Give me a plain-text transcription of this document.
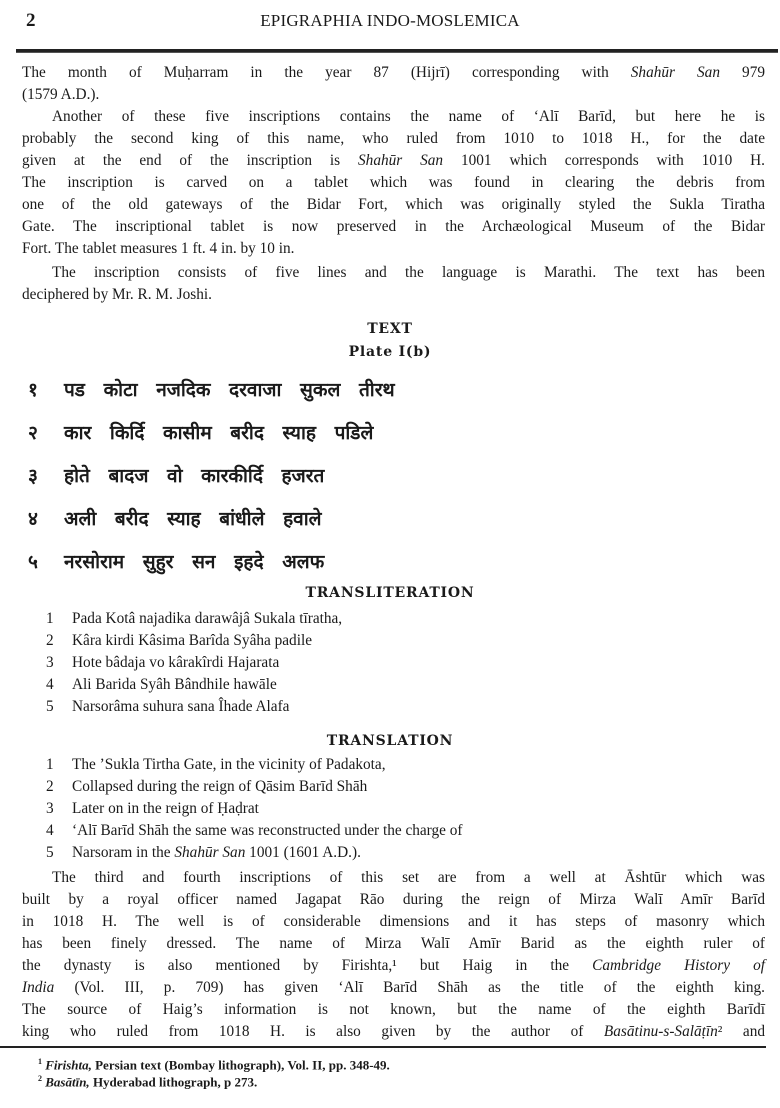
2	EPIGRAPHIA INDO-MOSLEMICA
The month of Muḥarram in the year 87 (Hijrī) corresponding with Shahūr San 979
(1579 A.D.).
Another of these five inscriptions contains the name of ‘Alī Barīd, but here he is
probably the second king of this name, who ruled from 1010 to 1018 H., for the date
given at the end of the inscription is Shahūr San 1001 which corresponds with 1010 H.
The inscription is carved on a tablet which was found in clearing the debris from
one of the old gateways of the Bidar Fort, which was originally styled the Sukla Tiratha
Gate. The inscriptional tablet is now preserved in the Archæological Museum of the Bidar
Fort. The tablet measures 1 ft. 4 in. by 10 in.
The inscription consists of five lines and the language is Marathi. The text has been
deciphered by Mr. R. M. Joshi.
The third and fourth inscriptions of this set are from a well at Āshtūr which was
built by a royal officer named Jagapat Rāo during the reign of Mirza Walī Amīr Barīd
in 1018 H. The well is of considerable dimensions and it has steps of masonry which
has been finely dressed. The name of Mirza Walī Amīr Barid as the eighth ruler of
the dynasty is also mentioned by Firishta,¹ but Haig in the Cambridge History of
India (Vol. III, p. 709) has given ‘Alī Barīd Shāh as the title of the eighth king.
The source of Haig’s information is not known, but the name of the eighth Barīdī
king who ruled from 1018 H. is also given by the author of Basātinu-s-Salāṭīn² and
1 The ’Sukla Tirtha Gate, in the vicinity of Padakota,
2 Collapsed during the reign of Qāsim Barīd Shāh
3 Later on in the reign of Ḥaḍrat
4 ‘Alī Barīd Shāh the same was reconstructed under the charge of
5 Narsoram in the Shahūr San 1001 (1601 A.D.).
TEXT
Plate I(b)
१ पड कोटा नजदिक दरवाजा सुकल तीरथ
२ कार किर्दि कासीम बरीद स्याह पडिले
३ होते बादज वो कारकीर्दि हजरत
४ अली बरीद स्याह बांधीले हवाले
५ नरसोराम सुहुर सन इहदे अलफ
TRANSLITERATION
1 Pada Kotâ najadika darawâjâ Sukala tīratha,
2 Kâra kirdi Kâsima Barîda Syâha padile
3 Hote bâdaja vo kârakîrdi Hajarata
4 Ali Barida Syâh Bândhile hawāle
5 Narsorâma suhura sana Îhade Alafa
TRANSLATION
$^1$ Firishta, Persian text (Bombay lithograph), Vol. II, pp. 348-49.
$^2$ Basātīn, Hyderabad lithograph, p 273.
